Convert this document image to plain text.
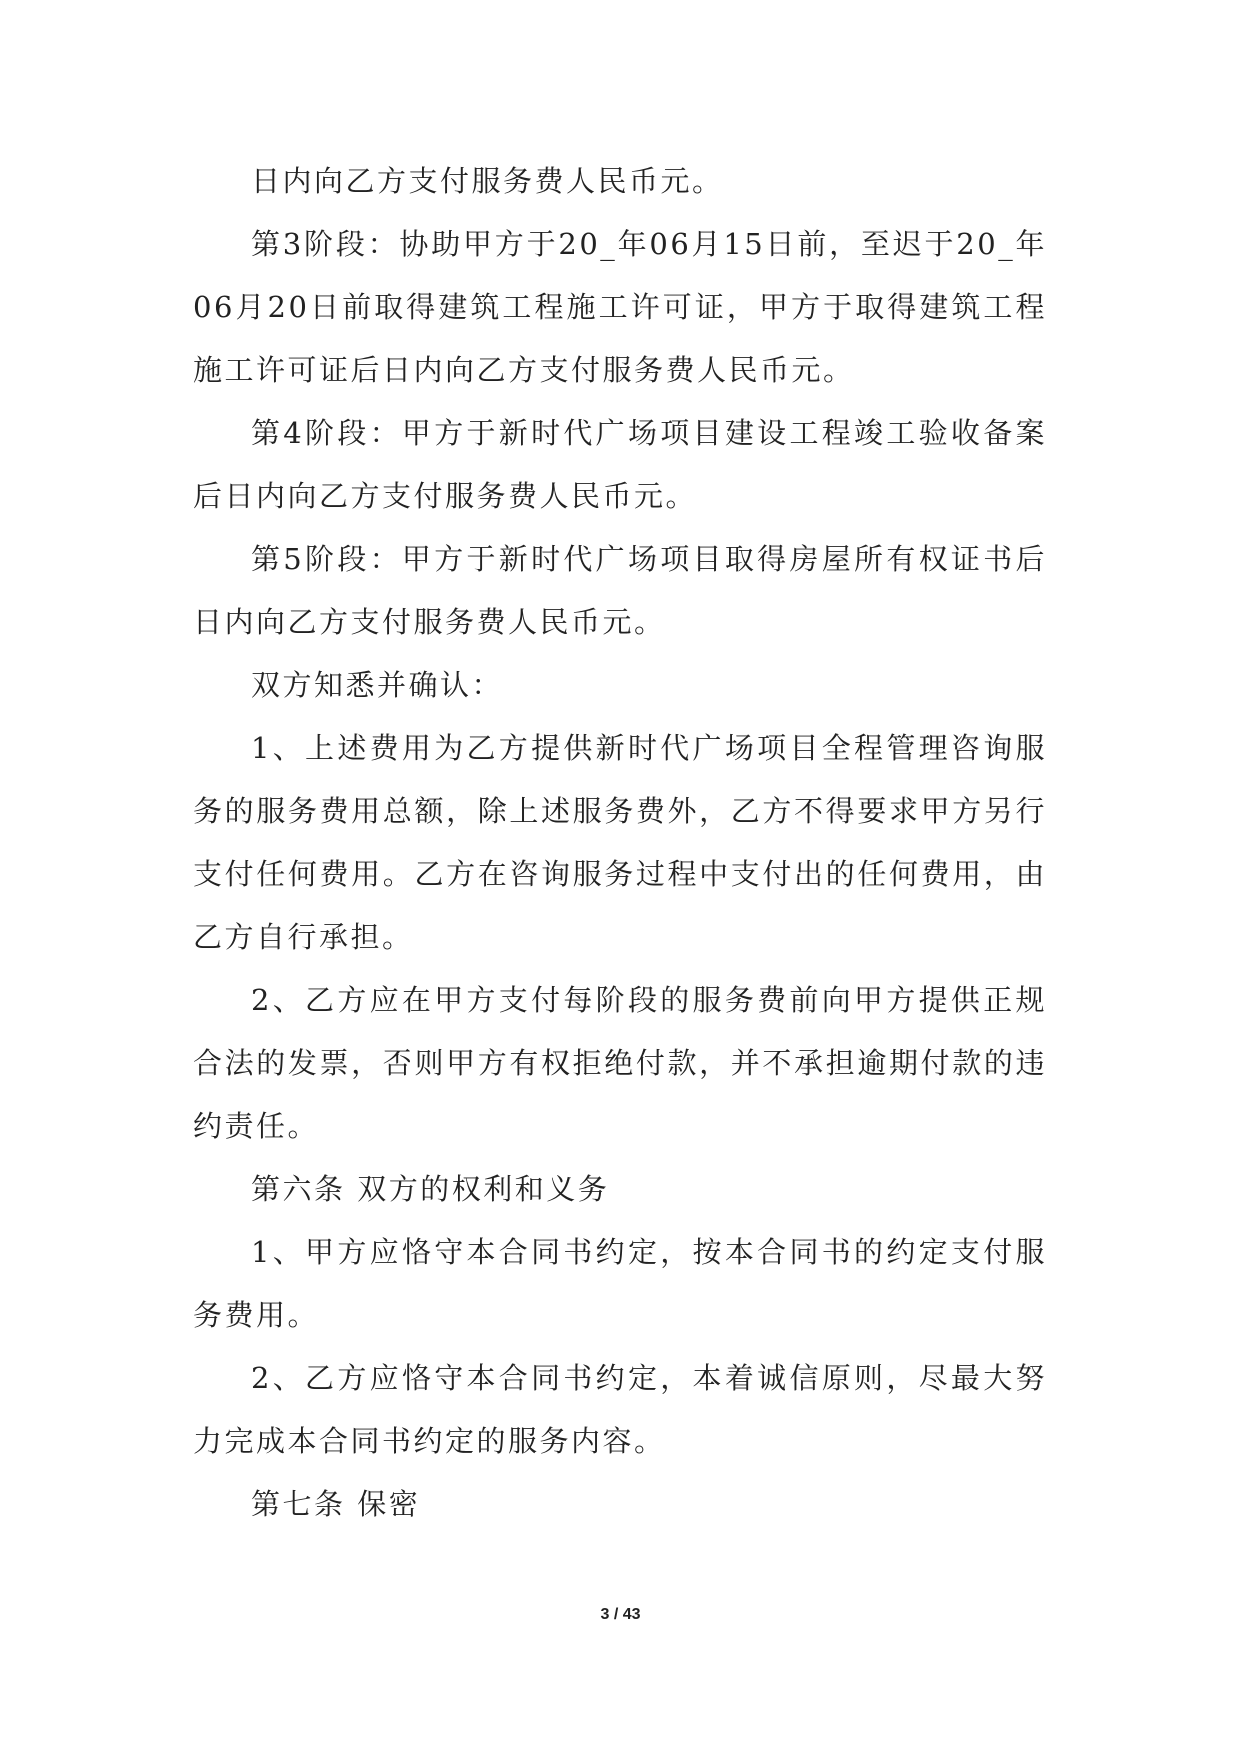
日内向乙方支付服务费人民币元。

第3阶段：协助甲方于20_年06月15日前，至迟于20_年06月20日前取得建筑工程施工许可证，甲方于取得建筑工程施工许可证后日内向乙方支付服务费人民币元。

第4阶段：甲方于新时代广场项目建设工程竣工验收备案后日内向乙方支付服务费人民币元。

第5阶段：甲方于新时代广场项目取得房屋所有权证书后日内向乙方支付服务费人民币元。

双方知悉并确认：

1、上述费用为乙方提供新时代广场项目全程管理咨询服务的服务费用总额，除上述服务费外，乙方不得要求甲方另行支付任何费用。乙方在咨询服务过程中支付出的任何费用，由乙方自行承担。

2、乙方应在甲方支付每阶段的服务费前向甲方提供正规合法的发票，否则甲方有权拒绝付款，并不承担逾期付款的违约责任。

第六条 双方的权利和义务

1、甲方应恪守本合同书约定，按本合同书的约定支付服务费用。

2、乙方应恪守本合同书约定，本着诚信原则，尽最大努力完成本合同书约定的服务内容。

第七条 保密

3 / 43
